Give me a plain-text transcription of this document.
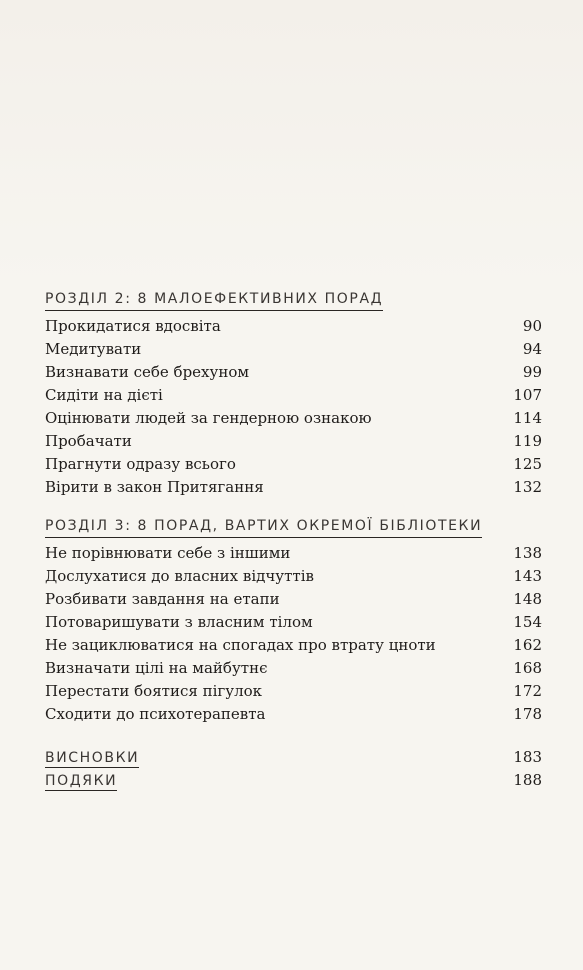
РОЗДІЛ 2: 8 МАЛОЕФЕКТИВНИХ ПОРАД
Прокидатися вдосвіта	90
Медитувати	94
Визнавати себе брехуном	99
Сидіти на дієті	107
Оцінювати людей за гендерною ознакою	114
Пробачати	119
Прагнути одразу всього	125
Вірити в закон Притягання	132
РОЗДІЛ 3: 8 ПОРАД, ВАРТИХ ОКРЕМОЇ БІБЛІОТЕКИ
Не порівнювати себе з іншими	138
Дослухатися до власних відчуттів	143
Розбивати завдання на етапи	148
Потоваришувати з власним тілом	154
Не зациклюватися на спогадах про втрату цноти	162
Визначати цілі на майбутнє	168
Перестати боятися пігулок	172
Сходити до психотерапевта	178
ВИСНОВКИ	183
ПОДЯКИ	188
